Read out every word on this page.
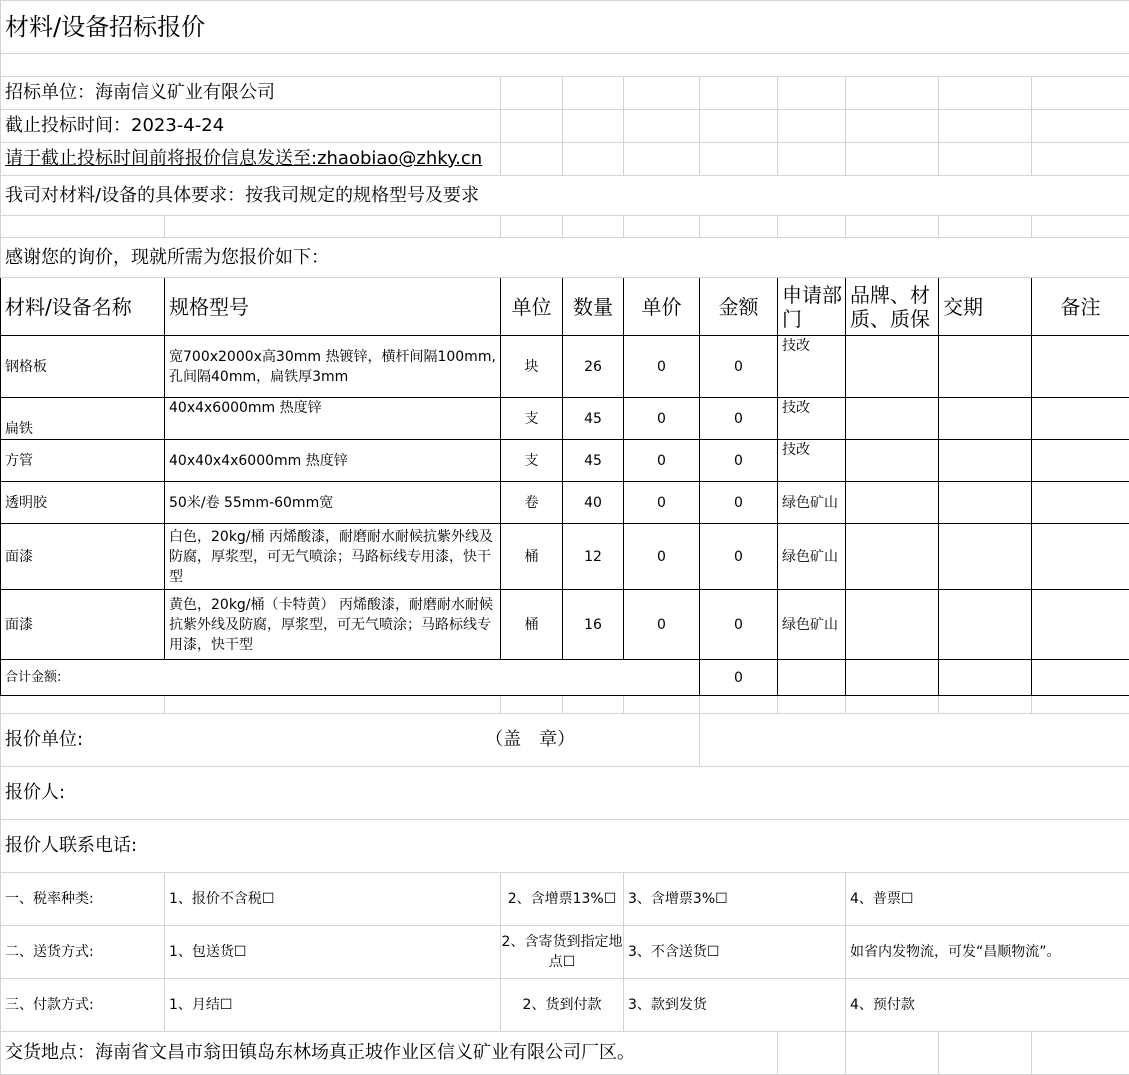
材料/设备招标报价									

招标单位：海南信义矿业有限公司									
截止投标时间：2023-4-24									
请于截止投标时间前将报价信息发送至:zhaobiao@zhky.cn									
我司对材料/设备的具体要求：按我司规定的规格型号及要求									

感谢您的询价，现就所需为您报价如下：									
材料/设备名称	规格型号	单位	数量	单价	金额	申请部门	品牌、材质、质保	交期	备注
钢格板	宽700x2000x高30mm 热镀锌，横杆间隔100mm,孔间隔40mm，扁铁厚3mm	块	26	0	0	技改			
扁铁	40x4x6000mm 热度锌	支	45	0	0	技改			
方管	40x40x4x6000mm 热度锌	支	45	0	0	技改			
透明胶	50米/卷 55mm-60mm宽	卷	40	0	0	绿色矿山			
面漆	白色，20kg/桶 丙烯酸漆，耐磨耐水耐候抗紫外线及防腐，厚浆型，可无气喷涂；马路标线专用漆，快干型	桶	12	0	0	绿色矿山			
面漆	黄色，20kg/桶（卡特黄） 丙烯酸漆，耐磨耐水耐候抗紫外线及防腐，厚浆型，可无气喷涂；马路标线专用漆，快干型	桶	16	0	0	绿色矿山			
合计金额:					0				

报价单位: （盖　章）									
报价人:									
报价人联系电话:									
一、税率种类:	1、报价不含税☐	2、含增票13%☐		3、含增票3%☐			4、普票☐		
二、送货方式:	1、包送货☐	2、含寄货到指定地点☐		3、不含送货☐			如省内发物流，可发“昌顺物流”。		
三、付款方式:	1、月结☐	2、货到付款		3、款到发货			4、预付款		
交货地点：海南省文昌市翁田镇岛东林场真正坡作业区信义矿业有限公司厂区。									
